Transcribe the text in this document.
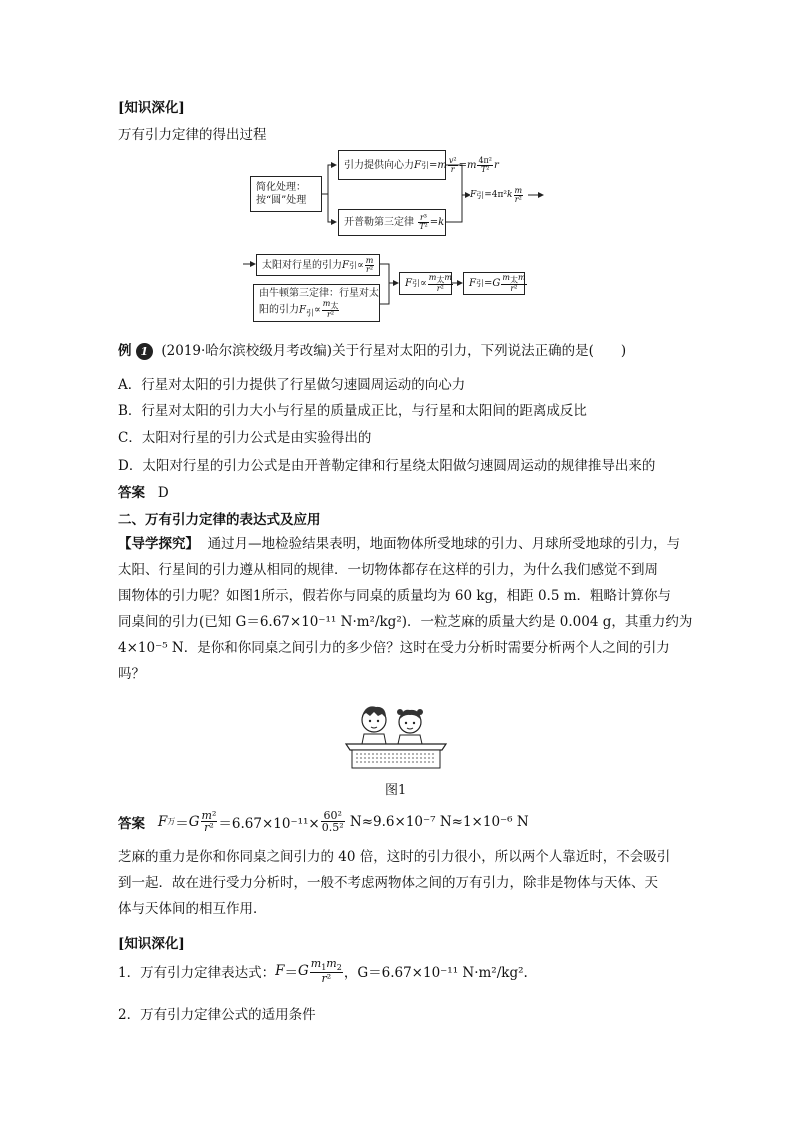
[知识深化]
万有引力定律的得出过程
简化处理：
按“圆”处理
引力提供向心力 F 引 = m $\frac{\text{v²}}{r} = m \frac{\text{4π²}}{\text{T²}}$ r
开普勒第三定律
$\frac{\text{r³}}{\text{T²}} = k$
F 引 =4π² k $\frac{m}{\text{r²}}$
太阳对行星的引力 F 引 ∝ $\frac{m}{\text{r²}}$
由牛顿第三定律：行星对太
阳的引力$F_引\propto \frac{m_太}{\text{r²}}$
F 引 ∝ $\frac{m_太m}{\text{r²}}$ F 引 = G $\frac{m_太m}{\text{r²}}$
例 1 (2019·哈尔滨校级月考改编)关于行星对太阳的引力，下列说法正确的是(　　)
A．行星对太阳的引力提供了行星做匀速圆周运动的向心力
B．行星对太阳的引力大小与行星的质量成正比，与行星和太阳间的距离成反比
C．太阳对行星的引力公式是由实验得出的
D．太阳对行星的引力公式是由开普勒定律和行星绕太阳做匀速圆周运动的规律推导出来的
答案 D
二、万有引力定律的表达式及应用
【导学探究】 通过月—地检验结果表明，地面物体所受地球的引力、月球所受地球的引力，与
太阳、行星间的引力遵从相同的规律．一切物体都存在这样的引力，为什么我们感觉不到周
围物体的引力呢？如图1所示，假若你与同桌的质量均为 60 kg，相距 0.5 m．粗略计算你与
同桌间的引力(已知 G＝6.67×10⁻¹¹ N·m²/kg²)．一粒芝麻的质量大约是 0.004 g，其重力约为
4×10⁻⁵ N．是你和你同桌之间引力的多少倍？这时在受力分析时需要分析两个人之间的引力
吗？
图1
答案
F 万 ＝ G $\frac{\text{m²}}{\text{r²}} =6.67\times 10^{-11}\times \frac{\text{60²}}{\text{0.5²}}$
N≈9.6×10⁻⁷ N≈1×10⁻⁶ N
芝麻的重力是你和你同桌之间引力的 40 倍，这时的引力很小，所以两个人靠近时，不会吸引
到一起．故在进行受力分析时，一般不考虑两物体之间的万有引力，除非是物体与天体、天
体与天体间的相互作用．
[知识深化]
1．万有引力定律表达式： F ＝ G $\frac{m_1m_2}{\text{r²}}$ ，G＝6.67×10⁻¹¹ N·m²/kg².
2．万有引力定律公式的适用条件
